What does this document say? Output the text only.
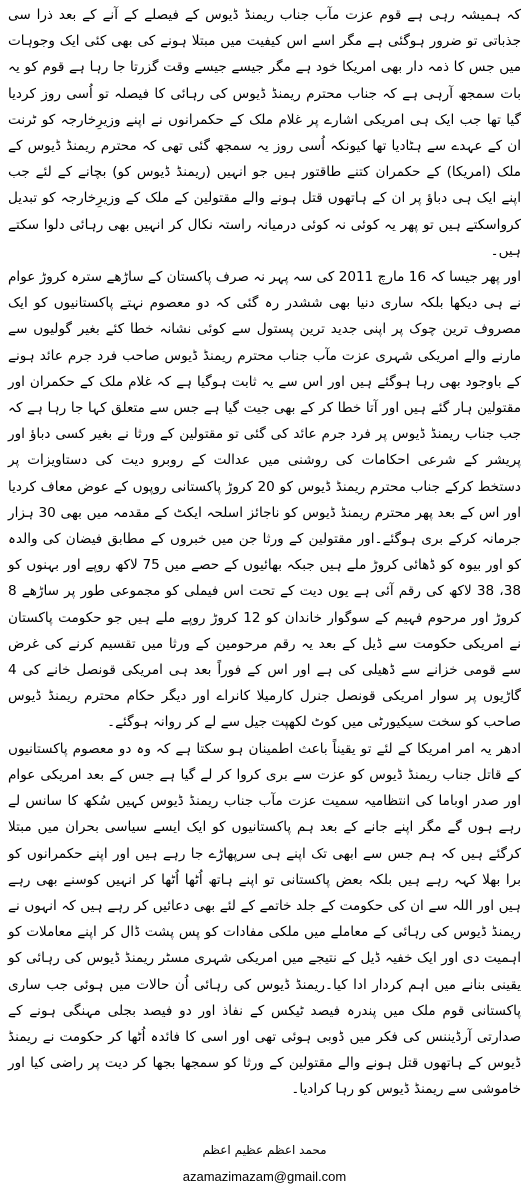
کہ ہمیشہ رہی ہے قوم عزت مآب جناب ریمنڈ ڈیوس کے فیصلے کے آنے کے بعد ذرا سی جذباتی تو ضرور ہوگئی ہے مگر اسے اس کیفیت میں مبتلا ہونے کی بھی کئی ایک وجوہات میں جس کا ذمہ دار بھی امریکا خود ہے مگر جیسے جیسے وقت گزرتا جا رہا ہے قوم کو یہ بات سمجھ آرہی ہے کہ جناب محترم ریمنڈ ڈیوس کی رہائی کا فیصلہ تو اُسی روز کردیا گیا تھا جب ایک ہی امریکی اشارے پر غلام ملک کے حکمرانوں نے اپنے وزیرِخارجہ کو ٹرنت ان کے عہدے سے ہٹادیا تھا کیونکہ اُسی روز یہ سمجھ گئی تھی کہ محترم ریمنڈ ڈیوس کے ملک (امریکا) کے حکمران کتنے طاقتور ہیں جو انہیں (ریمنڈ ڈیوس کو) بچانے کے لئے جب اپنے ایک ہی دباؤ پر ان کے ہاتھوں قتل ہونے والے مقتولین کے ملک کے وزیرِخارجہ کو تبدیل کرواسکتے ہیں تو پھر یہ کوئی نہ کوئی درمیانہ راستہ نکال کر انہیں بھی رہائی دلوا سکتے ہیں۔

اور پھر جیسا کہ 16 مارچ 2011 کی سہ پہر نہ صرف پاکستان کے ساڑھے سترہ کروڑ عوام نے ہی دیکھا بلکہ ساری دنیا بھی ششدر رہ گئی کہ دو معصوم نہتے پاکستانیوں کو ایک مصروف ترین چوک پر اپنی جدید ترین پستول سے کوئی نشانہ خطا کئے بغیر گولیوں سے مارنے والے امریکی شہری عزت مآب جناب محترم ریمنڈ ڈیوس صاحب فرد جرم عائد ہونے کے باوجود بھی رہا ہوگئے ہیں اور اس سے یہ ثابت ہوگیا ہے کہ غلام ملک کے حکمران اور مقتولین ہار گئے ہیں اور آتا خطا کر کے بھی جیت گیا ہے جس سے متعلق کہا جا رہا ہے کہ جب جناب ریمنڈ ڈیوس پر فرد جرم عائد کی گئی تو مقتولین کے ورثا نے بغیر کسی دباؤ اور پریشر کے شرعی احکامات کی روشنی میں عدالت کے روبرو دیت کی دستاویزات پر دستخط کرکے جناب محترم ریمنڈ ڈیوس کو 20 کروڑ پاکستانی روپوں کے عوض معاف کردیا اور اس کے بعد پھر محترم ریمنڈ ڈیوس کو ناجائز اسلحہ ایکٹ کے مقدمہ میں بھی 30 ہزار جرمانہ کرکے بری ہوگئے۔اور مقتولین کے ورثا جن میں خبروں کے مطابق فیضان کی والدہ کو اور بیوہ کو ڈھائی کروڑ ملے ہیں جبکہ بھائیوں کے حصے میں 75 لاکھ روپے اور بہنوں کو 38، 38 لاکھ کی رقم آئی ہے یوں دیت کے تحت اس فیملی کو مجموعی طور پر ساڑھے 8 کروڑ اور مرحوم فہیم کے سوگوار خاندان کو 12 کروڑ روپے ملے ہیں جو حکومت پاکستان نے امریکی حکومت سے ڈیل کے بعد یہ رقم مرحومین کے ورثا میں تقسیم کرنے کی غرض سے قومی خزانے سے ڈھیلی کی ہے اور اس کے فوراً بعد ہی امریکی قونصل خانے کی 4 گاڑیوں پر سوار امریکی قونصل جنرل کارمیلا کانراے اور دیگر حکام محترم ریمنڈ ڈیوس صاحب کو سخت سیکیورٹی میں کوٹ لکھپت جیل سے لے کر روانہ ہوگئے۔

ادھر یہ امر امریکا کے لئے تو یقیناً باعث اطمینان ہو سکتا ہے کہ وہ دو معصوم پاکستانیوں کے قاتل جناب ریمنڈ ڈیوس کو عزت سے بری کروا کر لے گیا ہے جس کے بعد امریکی عوام اور صدر اوباما کی انتظامیہ سمیت عزت مآب جناب ریمنڈ ڈیوس کہیں سُکھ کا سانس لے رہے ہوں گے مگر اپنے جانے کے بعد ہم پاکستانیوں کو ایک ایسے سیاسی بحران میں مبتلا کرگئے ہیں کہ ہم جس سے ابھی تک اپنے ہی سرپھاڑے جا رہے ہیں اور اپنے حکمرانوں کو برا بھلا کہہ رہے ہیں بلکہ بعض پاکستانی تو اپنے ہاتھ اُٹھا اُٹھا کر انہیں کوسنے بھی رہے ہیں اور اللہ سے ان کی حکومت کے جلد خاتمے کے لئے بھی دعائیں کر رہے ہیں کہ انہوں نے ریمنڈ ڈیوس کی رہائی کے معاملے میں ملکی مفادات کو پس پشت ڈال کر اپنے معاملات کو اہمیت دی اور ایک خفیہ ڈیل کے نتیجے میں امریکی شہری مسٹر ریمنڈ ڈیوس کی رہائی کو یقینی بنانے میں اہم کردار ادا کیا۔ریمنڈ ڈیوس کی رہائی اُن حالات میں ہوئی جب ساری پاکستانی قوم ملک میں پندرہ فیصد ٹیکس کے نفاذ اور دو فیصد بجلی مہنگی ہونے کے صدارتی آرڈیننس کی فکر میں ڈوبی ہوئی تھی اور اسی کا فائدہ اُٹھا کر حکومت نے ریمنڈ ڈیوس کے ہاتھوں قتل ہونے والے مقتولین کے ورثا کو سمجھا بجھا کر دیت پر راضی کیا اور خاموشی سے ریمنڈ ڈیوس کو رہا کرادیا۔

محمد اعظم عظیم اعظم

azamazimazam@gmail.com
